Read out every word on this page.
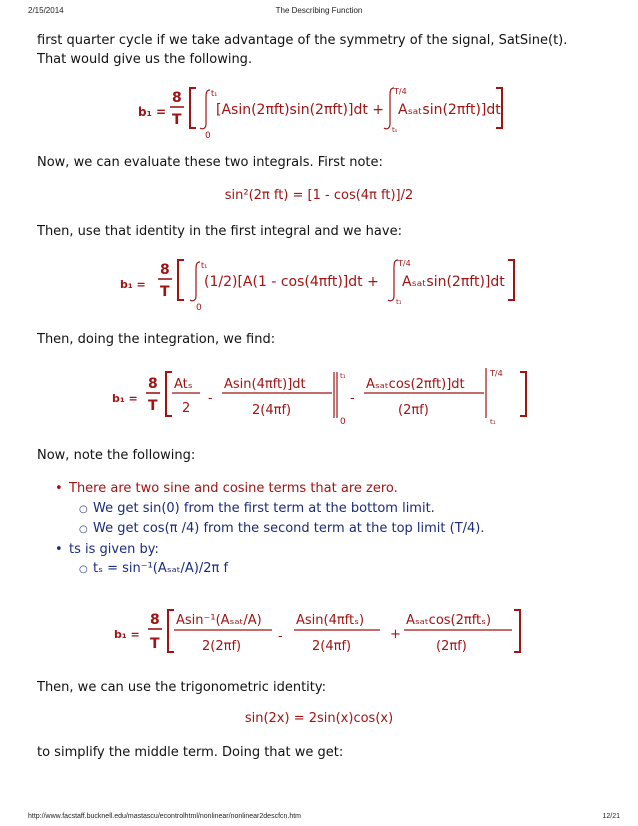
2/15/2014	The Describing Function
first quarter cycle if we take advantage of the symmetry of the signal, SatSine(t). That would give us the following.
b₁ =
8
T
t₁
0
[Asin(2πft)sin(2πft)]dt +
T/4
tₛ
Aₛₐₜsin(2πft)]dt
Now, we can evaluate these two integrals. First note:
sin²(2π ft) = [1 - cos(4π ft)]/2
Then, use that identity in the first integral and we have:
b₁ =
8
T
t₁
0
(1/2)[A(1 - cos(4πft)]dt +
T/4
t₁
Aₛₐₜsin(2πft)]dt
Then, doing the integration, we find:
b₁ =
8
T
Atₛ
2
-
Asin(4πft)]dt
2(4πf)
t₁
0
-
Aₛₐₜcos(2πft)]dt
(2πf)
T/4
t₁
Now, note the following:
• There are two sine and cosine terms that are zero.
○ We get sin(0) from the first term at the bottom limit.
○ We get cos(π /4) from the second term at the top limit (T/4).
• ts is given by:
○ tₛ = sin⁻¹(Aₛₐₜ/A)/2π f
b₁ =
8
T
Asin⁻¹(Aₛₐₜ/A)
2(2πf)
-
Asin(4πftₛ)
2(4πf)
+
Aₛₐₜcos(2πftₛ)
(2πf)
Then, we can use the trigonometric identity:
sin(2x) = 2sin(x)cos(x)
to simplify the middle term. Doing that we get:
http://www.facstaff.bucknell.edu/mastascu/econtrolhtml/nonlinear/nonlinear2descfcn.htm	12/21
